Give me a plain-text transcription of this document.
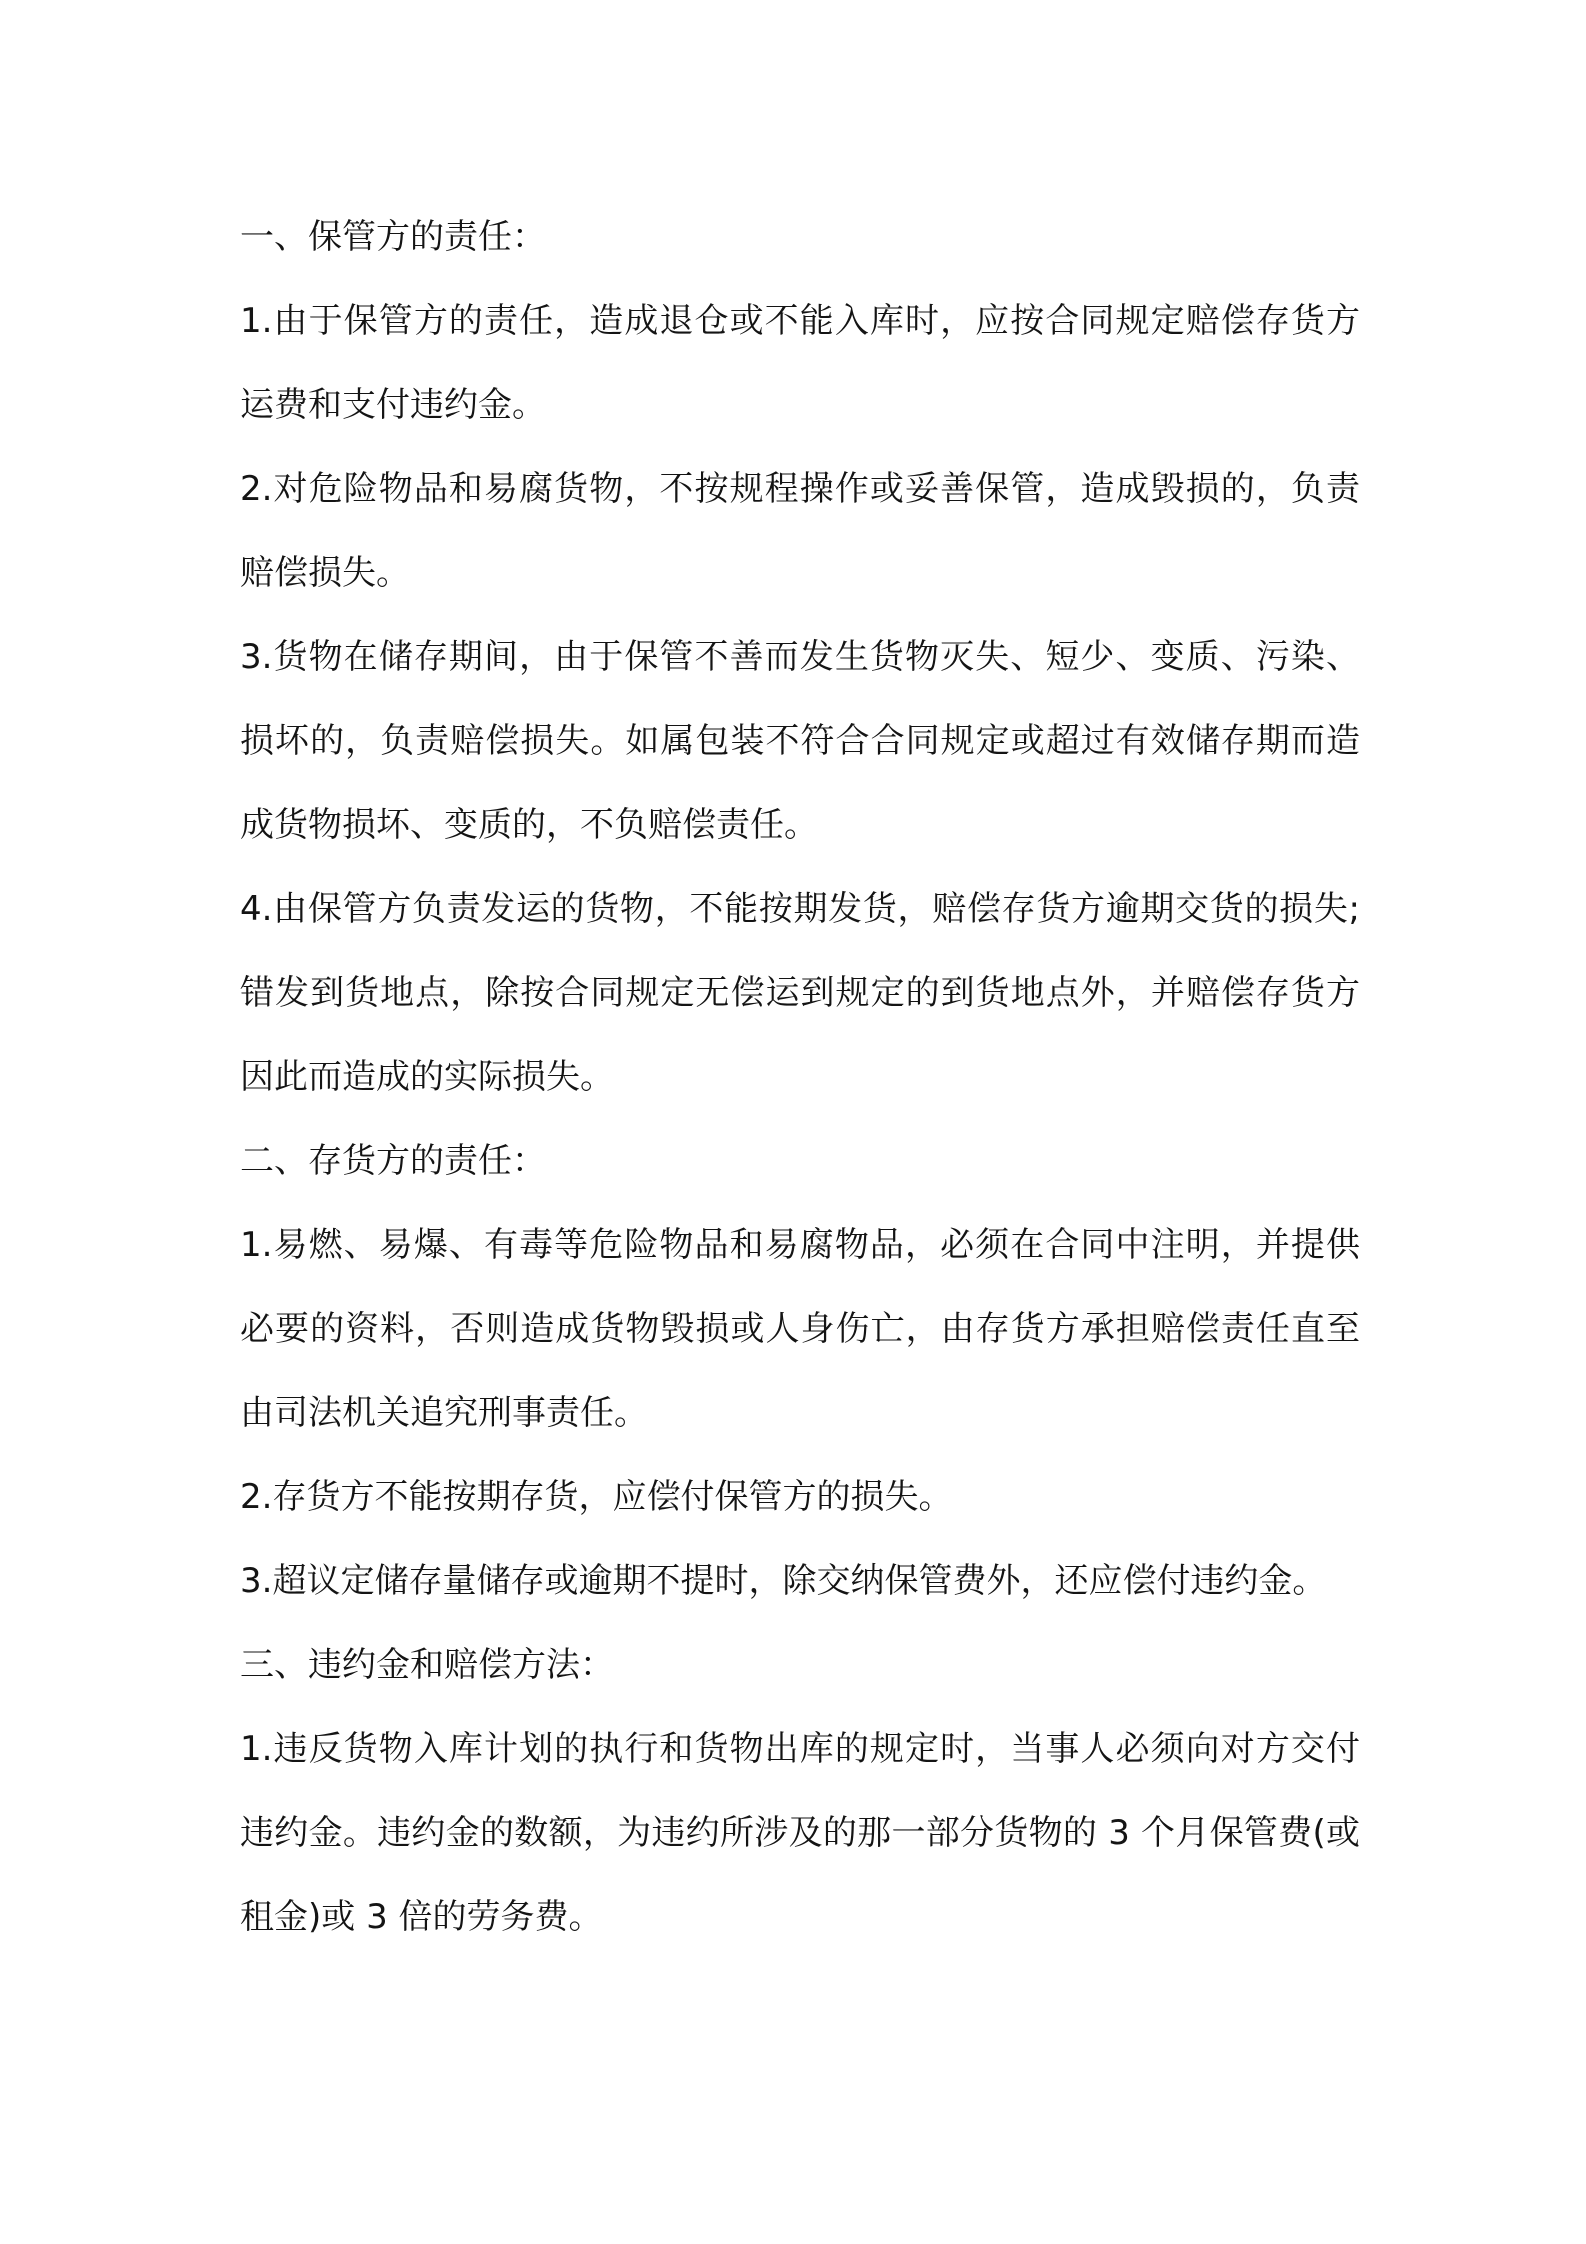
一、保管方的责任：

1.由于保管方的责任，造成退仓或不能入库时，应按合同规定赔偿存货方运费和支付违约金。

2.对危险物品和易腐货物，不按规程操作或妥善保管，造成毁损的，负责赔偿损失。

3.货物在储存期间，由于保管不善而发生货物灭失、短少、变质、污染、损坏的，负责赔偿损失。如属包装不符合合同规定或超过有效储存期而造成货物损坏、变质的，不负赔偿责任。

4.由保管方负责发运的货物，不能按期发货，赔偿存货方逾期交货的损失;错发到货地点，除按合同规定无偿运到规定的到货地点外，并赔偿存货方因此而造成的实际损失。

二、存货方的责任：

1.易燃、易爆、有毒等危险物品和易腐物品，必须在合同中注明，并提供必要的资料，否则造成货物毁损或人身伤亡，由存货方承担赔偿责任直至由司法机关追究刑事责任。

2.存货方不能按期存货，应偿付保管方的损失。

3.超议定储存量储存或逾期不提时，除交纳保管费外，还应偿付违约金。

三、违约金和赔偿方法：

1.违反货物入库计划的执行和货物出库的规定时，当事人必须向对方交付违约金。违约金的数额，为违约所涉及的那一部分货物的 3 个月保管费(或租金)或 3 倍的劳务费。
